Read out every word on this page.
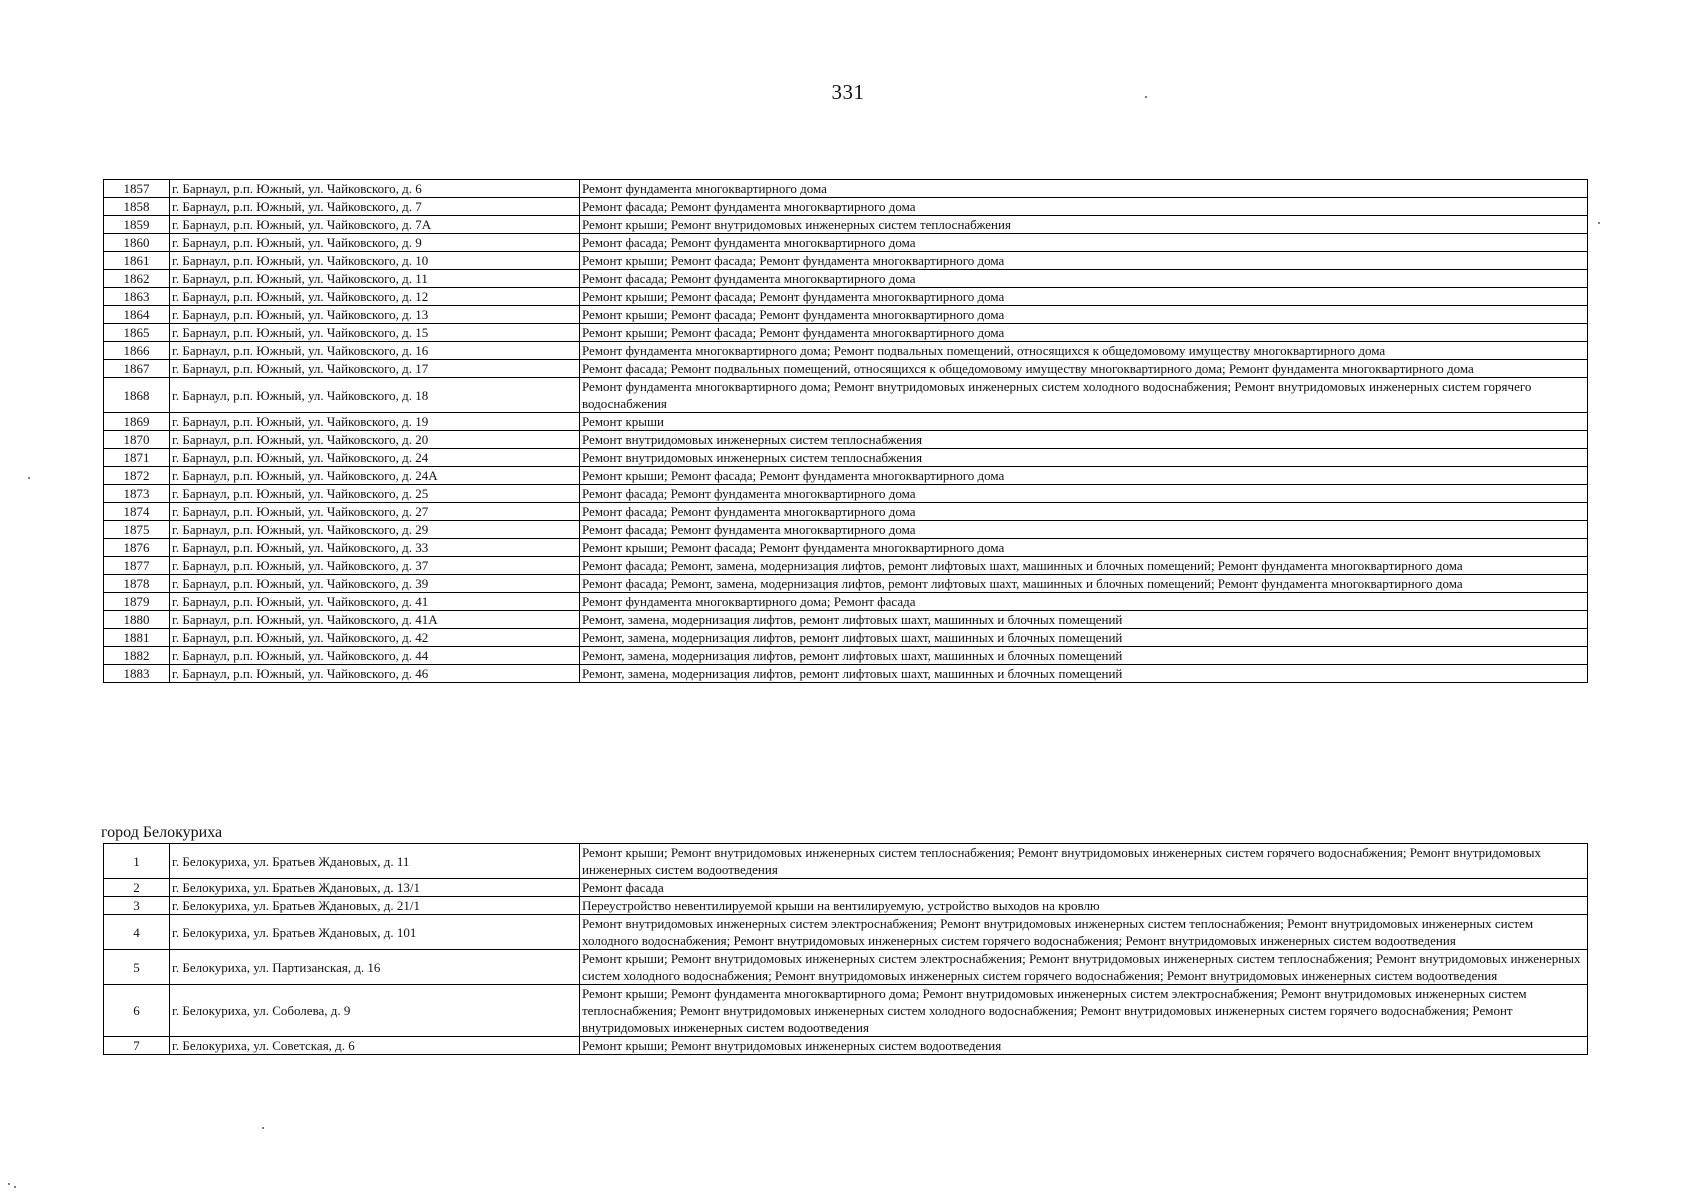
331
1857	г. Барнаул, р.п. Южный, ул. Чайковского, д. 6	Ремонт фундамента многоквартирного дома
1858	г. Барнаул, р.п. Южный, ул. Чайковского, д. 7	Ремонт фасада; Ремонт фундамента многоквартирного дома
1859	г. Барнаул, р.п. Южный, ул. Чайковского, д. 7А	Ремонт крыши; Ремонт внутридомовых инженерных систем теплоснабжения
1860	г. Барнаул, р.п. Южный, ул. Чайковского, д. 9	Ремонт фасада; Ремонт фундамента многоквартирного дома
1861	г. Барнаул, р.п. Южный, ул. Чайковского, д. 10	Ремонт крыши; Ремонт фасада; Ремонт фундамента многоквартирного дома
1862	г. Барнаул, р.п. Южный, ул. Чайковского, д. 11	Ремонт фасада; Ремонт фундамента многоквартирного дома
1863	г. Барнаул, р.п. Южный, ул. Чайковского, д. 12	Ремонт крыши; Ремонт фасада; Ремонт фундамента многоквартирного дома
1864	г. Барнаул, р.п. Южный, ул. Чайковского, д. 13	Ремонт крыши; Ремонт фасада; Ремонт фундамента многоквартирного дома
1865	г. Барнаул, р.п. Южный, ул. Чайковского, д. 15	Ремонт крыши; Ремонт фасада; Ремонт фундамента многоквартирного дома
1866	г. Барнаул, р.п. Южный, ул. Чайковского, д. 16	Ремонт фундамента многоквартирного дома; Ремонт подвальных помещений, относящихся к общедомовому имуществу многоквартирного дома
1867	г. Барнаул, р.п. Южный, ул. Чайковского, д. 17	Ремонт фасада; Ремонт подвальных помещений, относящихся к общедомовому имуществу многоквартирного дома; Ремонт фундамента многоквартирного дома
1868	г. Барнаул, р.п. Южный, ул. Чайковского, д. 18	Ремонт фундамента многоквартирного дома; Ремонт внутридомовых инженерных систем холодного водоснабжения; Ремонт внутридомовых инженерных систем горячего водоснабжения
1869	г. Барнаул, р.п. Южный, ул. Чайковского, д. 19	Ремонт крыши
1870	г. Барнаул, р.п. Южный, ул. Чайковского, д. 20	Ремонт внутридомовых инженерных систем теплоснабжения
1871	г. Барнаул, р.п. Южный, ул. Чайковского, д. 24	Ремонт внутридомовых инженерных систем теплоснабжения
1872	г. Барнаул, р.п. Южный, ул. Чайковского, д. 24А	Ремонт крыши; Ремонт фасада; Ремонт фундамента многоквартирного дома
1873	г. Барнаул, р.п. Южный, ул. Чайковского, д. 25	Ремонт фасада; Ремонт фундамента многоквартирного дома
1874	г. Барнаул, р.п. Южный, ул. Чайковского, д. 27	Ремонт фасада; Ремонт фундамента многоквартирного дома
1875	г. Барнаул, р.п. Южный, ул. Чайковского, д. 29	Ремонт фасада; Ремонт фундамента многоквартирного дома
1876	г. Барнаул, р.п. Южный, ул. Чайковского, д. 33	Ремонт крыши; Ремонт фасада; Ремонт фундамента многоквартирного дома
1877	г. Барнаул, р.п. Южный, ул. Чайковского, д. 37	Ремонт фасада; Ремонт, замена, модернизация лифтов, ремонт лифтовых шахт, машинных и блочных помещений; Ремонт фундамента многоквартирного дома
1878	г. Барнаул, р.п. Южный, ул. Чайковского, д. 39	Ремонт фасада; Ремонт, замена, модернизация лифтов, ремонт лифтовых шахт, машинных и блочных помещений; Ремонт фундамента многоквартирного дома
1879	г. Барнаул, р.п. Южный, ул. Чайковского, д. 41	Ремонт фундамента многоквартирного дома; Ремонт фасада
1880	г. Барнаул, р.п. Южный, ул. Чайковского, д. 41А	Ремонт, замена, модернизация лифтов, ремонт лифтовых шахт, машинных и блочных помещений
1881	г. Барнаул, р.п. Южный, ул. Чайковского, д. 42	Ремонт, замена, модернизация лифтов, ремонт лифтовых шахт, машинных и блочных помещений
1882	г. Барнаул, р.п. Южный, ул. Чайковского, д. 44	Ремонт, замена, модернизация лифтов, ремонт лифтовых шахт, машинных и блочных помещений
1883	г. Барнаул, р.п. Южный, ул. Чайковского, д. 46	Ремонт, замена, модернизация лифтов, ремонт лифтовых шахт, машинных и блочных помещений
город Белокуриха
1	г. Белокуриха, ул. Братьев Ждановых, д. 11	Ремонт крыши; Ремонт внутридомовых инженерных систем теплоснабжения; Ремонт внутридомовых инженерных систем горячего водоснабжения; Ремонт внутридомовых инженерных систем водоотведения
2	г. Белокуриха, ул. Братьев Ждановых, д. 13/1	Ремонт фасада
3	г. Белокуриха, ул. Братьев Ждановых, д. 21/1	Переустройство невентилируемой крыши на вентилируемую, устройство выходов на кровлю
4	г. Белокуриха, ул. Братьев Ждановых, д. 101	Ремонт внутридомовых инженерных систем электроснабжения; Ремонт внутридомовых инженерных систем теплоснабжения; Ремонт внутридомовых инженерных систем холодного водоснабжения; Ремонт внутридомовых инженерных систем горячего водоснабжения; Ремонт внутридомовых инженерных систем водоотведения
5	г. Белокуриха, ул. Партизанская, д. 16	Ремонт крыши; Ремонт внутридомовых инженерных систем электроснабжения; Ремонт внутридомовых инженерных систем теплоснабжения; Ремонт внутридомовых инженерных систем холодного водоснабжения; Ремонт внутридомовых инженерных систем горячего водоснабжения; Ремонт внутридомовых инженерных систем водоотведения
6	г. Белокуриха, ул. Соболева, д. 9	Ремонт крыши; Ремонт фундамента многоквартирного дома; Ремонт внутридомовых инженерных систем электроснабжения; Ремонт внутридомовых инженерных систем теплоснабжения; Ремонт внутридомовых инженерных систем холодного водоснабжения; Ремонт внутридомовых инженерных систем горячего водоснабжения; Ремонт внутридомовых инженерных систем водоотведения
7	г. Белокуриха, ул. Советская, д. 6	Ремонт крыши; Ремонт внутридомовых инженерных систем водоотведения
